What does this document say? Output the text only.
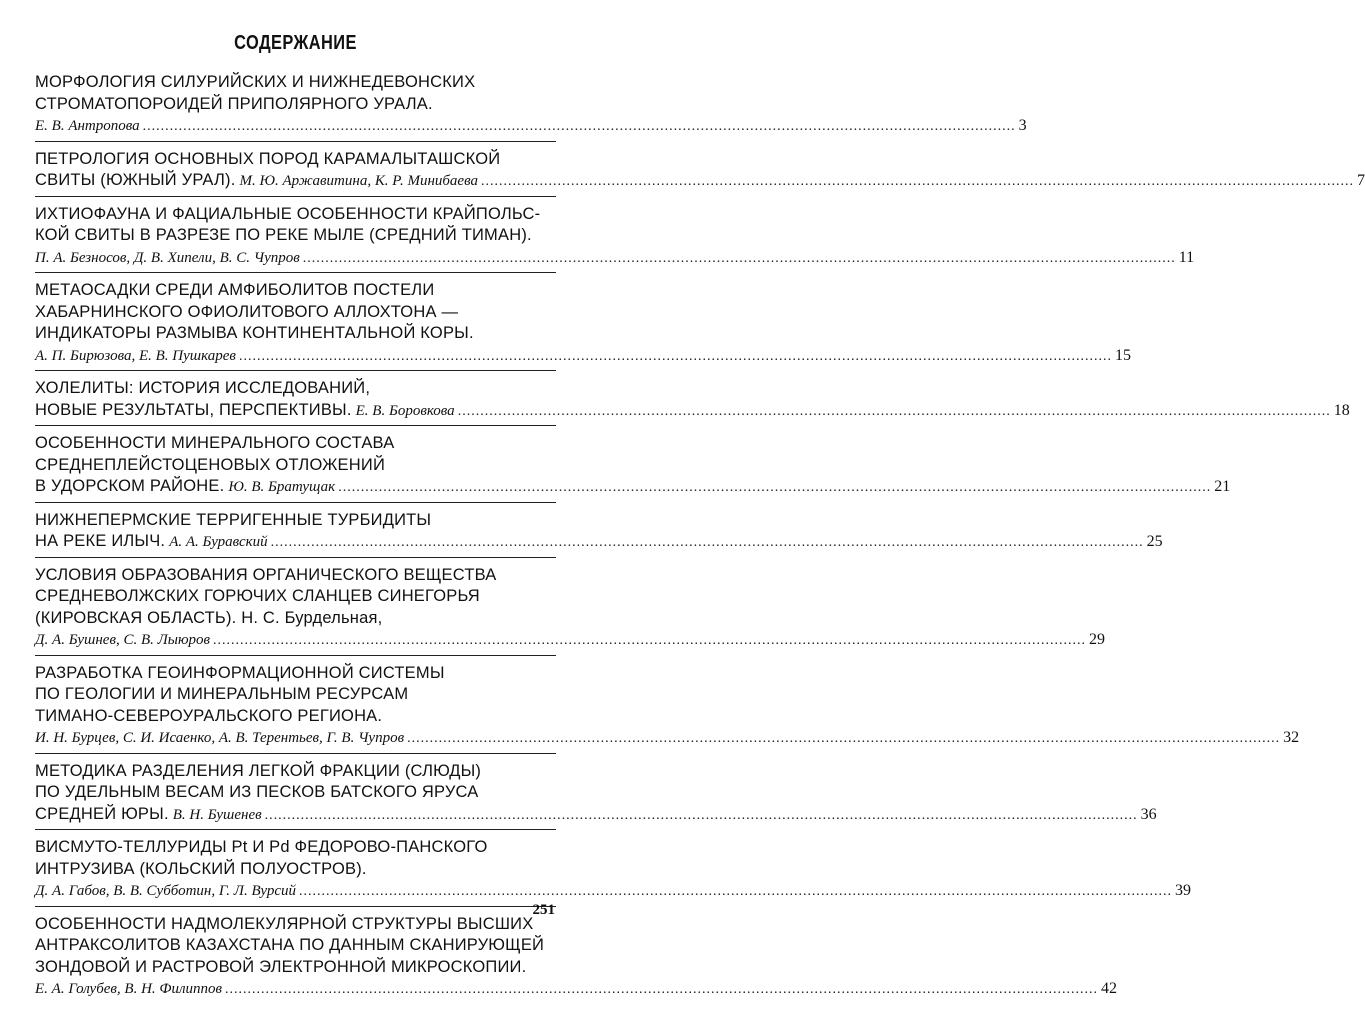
СОДЕРЖАНИЕ
МОРФОЛОГИЯ СИЛУРИЙСКИХ И НИЖНЕДЕВОНСКИХ
СТРОМАТОПОРОИДЕЙ ПРИПОЛЯРНОГО УРАЛА.
Е. В. Антропова .....	3
ПЕТРОЛОГИЯ ОСНОВНЫХ ПОРОД КАРАМАЛЫТАШСКОЙ
СВИТЫ (ЮЖНЫЙ УРАЛ). М. Ю. Аржавитина, К. Р. Минибаева .....	7
ИХТИОФАУНА И ФАЦИАЛЬНЫЕ ОСОБЕННОСТИ КРАЙПОЛЬС-
КОЙ СВИТЫ В РАЗРЕЗЕ ПО РЕКЕ МЫЛЕ (СРЕДНИЙ ТИМАН).
П. А. Безносов, Д. В. Хипели, В. С. Чупров .....	11
МЕТАОСАДКИ СРЕДИ АМФИБОЛИТОВ ПОСТЕЛИ
ХАБАРНИНСКОГО ОФИОЛИТОВОГО АЛЛОХТОНА —
ИНДИКАТОРЫ РАЗМЫВА КОНТИНЕНТАЛЬНОЙ КОРЫ.
А. П. Бирюзова, Е. В. Пушкарев .....	15
ХОЛЕЛИТЫ: ИСТОРИЯ ИССЛЕДОВАНИЙ,
НОВЫЕ РЕЗУЛЬТАТЫ, ПЕРСПЕКТИВЫ. Е. В. Боровкова .....	18
ОСОБЕННОСТИ МИНЕРАЛЬНОГО СОСТАВА
СРЕДНЕПЛЕЙСТОЦЕНОВЫХ ОТЛОЖЕНИЙ
В УДОРСКОМ РАЙОНЕ. Ю. В. Братущак .....	21
НИЖНЕПЕРМСКИЕ ТЕРРИГЕННЫЕ ТУРБИДИТЫ
НА РЕКЕ ИЛЫЧ. А. А. Буравский .....	25
УСЛОВИЯ ОБРАЗОВАНИЯ ОРГАНИЧЕСКОГО ВЕЩЕСТВА
СРЕДНЕВОЛЖСКИХ ГОРЮЧИХ СЛАНЦЕВ СИНЕГОРЬЯ
(КИРОВСКАЯ ОБЛАСТЬ). Н. С. Бурдельная,
Д. А. Бушнев, С. В. Лыюров .....	29
РАЗРАБОТКА ГЕОИНФОРМАЦИОННОЙ СИСТЕМЫ
ПО ГЕОЛОГИИ И МИНЕРАЛЬНЫМ РЕСУРСАМ
ТИМАНО-СЕВЕРОУРАЛЬСКОГО РЕГИОНА.
И. Н. Бурцев, С. И. Исаенко, А. В. Терентьев, Г. В. Чупров .....	32
МЕТОДИКА РАЗДЕЛЕНИЯ ЛЕГКОЙ ФРАКЦИИ (СЛЮДЫ)
ПО УДЕЛЬНЫМ ВЕСАМ ИЗ ПЕСКОВ БАТСКОГО ЯРУСА
СРЕДНЕЙ ЮРЫ. В. Н. Бушенев .....	36
ВИСМУТО-ТЕЛЛУРИДЫ Pt И Pd ФЕДОРОВО-ПАНСКОГО
ИНТРУЗИВА (КОЛЬСКИЙ ПОЛУОСТРОВ).
Д. А. Габов, В. В. Субботин, Г. Л. Вурсий .....	39
ОСОБЕННОСТИ НАДМОЛЕКУЛЯРНОЙ СТРУКТУРЫ ВЫСШИХ
АНТРАКСОЛИТОВ КАЗАХСТАНА ПО ДАННЫМ СКАНИРУЮЩЕЙ
ЗОНДОВОЙ И РАСТРОВОЙ ЭЛЕКТРОННОЙ МИКРОСКОПИИ.
Е. А. Голубев, В. Н. Филиппов .....	42
251
